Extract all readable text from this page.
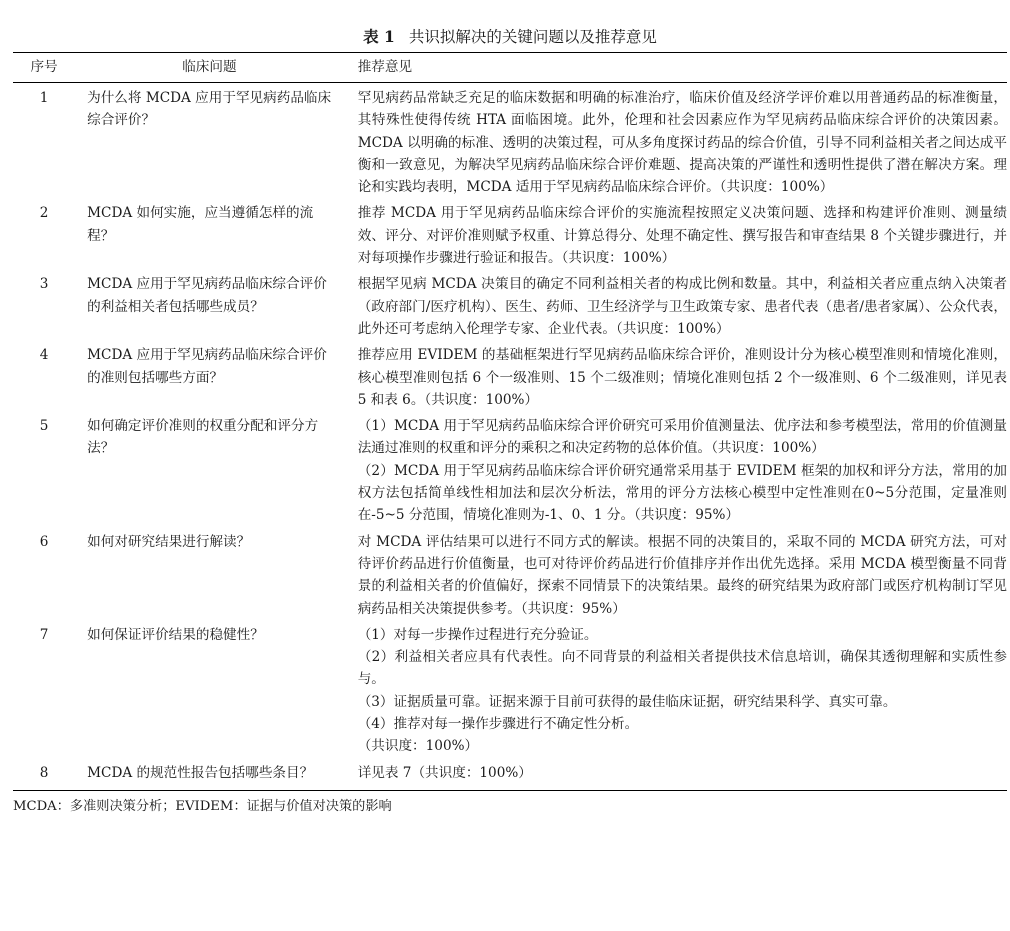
表 1 共识拟解决的关键问题以及推荐意见
序号	临床问题	推荐意见
1	为什么将 MCDA 应用于罕见病药品临床综合评价？	罕见病药品常缺乏充足的临床数据和明确的标准治疗，临床价值及经济学评价难以用普通药品的标准衡量，其特殊性使得传统 HTA 面临困境。此外，伦理和社会因素应作为罕见病药品临床综合评价的决策因素。MCDA 以明确的标准、透明的决策过程，可从多角度探讨药品的综合价值，引导不同利益相关者之间达成平衡和一致意见，为解决罕见病药品临床综合评价难题、提高决策的严谨性和透明性提供了潜在解决方案。理论和实践均表明，MCDA 适用于罕见病药品临床综合评价。（共识度：100%）

2	MCDA 如何实施，应当遵循怎样的流程？	推荐 MCDA 用于罕见病药品临床综合评价的实施流程按照定义决策问题、选择和构建评价准则、测量绩效、评分、对评价准则赋予权重、计算总得分、处理不确定性、撰写报告和审查结果 8 个关键步骤进行，并对每项操作步骤进行验证和报告。（共识度：100%）

3	MCDA 应用于罕见病药品临床综合评价的利益相关者包括哪些成员？	根据罕见病 MCDA 决策目的确定不同利益相关者的构成比例和数量。其中，利益相关者应重点纳入决策者（政府部门/医疗机构）、医生、药师、卫生经济学与卫生政策专家、患者代表（患者/患者家属）、公众代表，此外还可考虑纳入伦理学专家、企业代表。（共识度：100%）

4	MCDA 应用于罕见病药品临床综合评价的准则包括哪些方面？	推荐应用 EVIDEM 的基础框架进行罕见病药品临床综合评价，准则设计分为核心模型准则和情境化准则，核心模型准则包括 6 个一级准则、15 个二级准则；情境化准则包括 2 个一级准则、6 个二级准则，详见表 5 和表 6。（共识度：100%）

5	如何确定评价准则的权重分配和评分方法？	（1）MCDA 用于罕见病药品临床综合评价研究可采用价值测量法、优序法和参考模型法，常用的价值测量法通过准则的权重和评分的乘积之和决定药物的总体价值。（共识度：100%）
（2）MCDA 用于罕见病药品临床综合评价研究通常采用基于 EVIDEM 框架的加权和评分方法，常用的加权方法包括简单线性相加法和层次分析法，常用的评分方法核心模型中定性准则在0~5分范围，定量准则在-5~5 分范围，情境化准则为-1、0、1 分。（共识度：95%）

6	如何对研究结果进行解读？	对 MCDA 评估结果可以进行不同方式的解读。根据不同的决策目的，采取不同的 MCDA 研究方法，可对待评价药品进行价值衡量，也可对待评价药品进行价值排序并作出优先选择。采用 MCDA 模型衡量不同背景的利益相关者的价值偏好，探索不同情景下的决策结果。最终的研究结果为政府部门或医疗机构制订罕见病药品相关决策提供参考。（共识度：95%）

7	如何保证评价结果的稳健性？	（1）对每一步操作过程进行充分验证。
（2）利益相关者应具有代表性。向不同背景的利益相关者提供技术信息培训，确保其透彻理解和实质性参与。
（3）证据质量可靠。证据来源于目前可获得的最佳临床证据，研究结果科学、真实可靠。
（4）推荐对每一操作步骤进行不确定性分析。
（共识度：100%）

8	MCDA 的规范性报告包括哪些条目？	详见表 7（共识度：100%）
MCDA：多准则决策分析；EVIDEM：证据与价值对决策的影响
